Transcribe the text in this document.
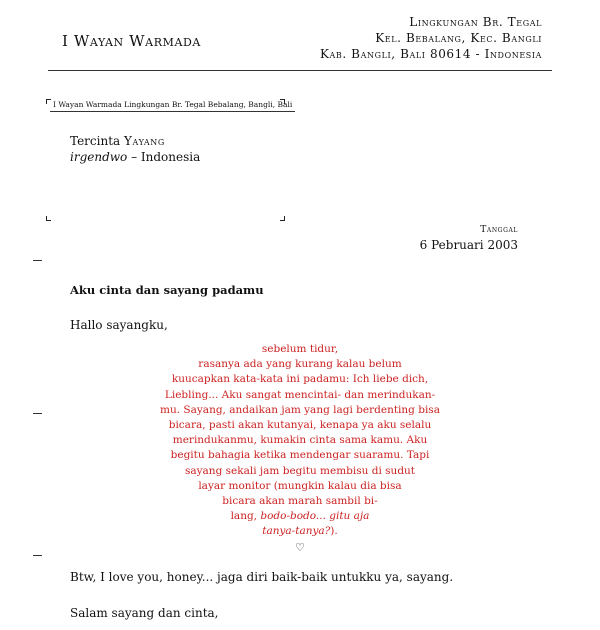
I Wayan Warmada
Lingkungan Br. Tegal
Kel. Bebalang, Kec. Bangli
Kab. Bangli, Bali 80614 - Indonesia
I Wayan Warmada Lingkungan Br. Tegal Bebalang, Bangli, Bali
Tercinta Yayang
irgendwo – Indonesia
Tanggal
6 Pebruari 2003
Aku cinta dan sayang padamu
Hallo sayangku,
sebelum tidur,
rasanya ada yang kurang kalau belum
kuucapkan kata-kata ini padamu: Ich liebe dich,
Liebling... Aku sangat mencintai- dan merindukan-
mu. Sayang, andaikan jam yang lagi berdenting bisa
bicara, pasti akan kutanyai, kenapa ya aku selalu
merindukanmu, kumakin cinta sama kamu. Aku
begitu bahagia ketika mendengar suaramu. Tapi
sayang sekali jam begitu membisu di sudut
layar monitor (mungkin kalau dia bisa
bicara akan marah sambil bi-
lang, bodo-bodo... gitu aja
tanya-tanya?).
♡
Btw, I love you, honey... jaga diri baik-baik untukku ya, sayang.
Salam sayang dan cinta,
